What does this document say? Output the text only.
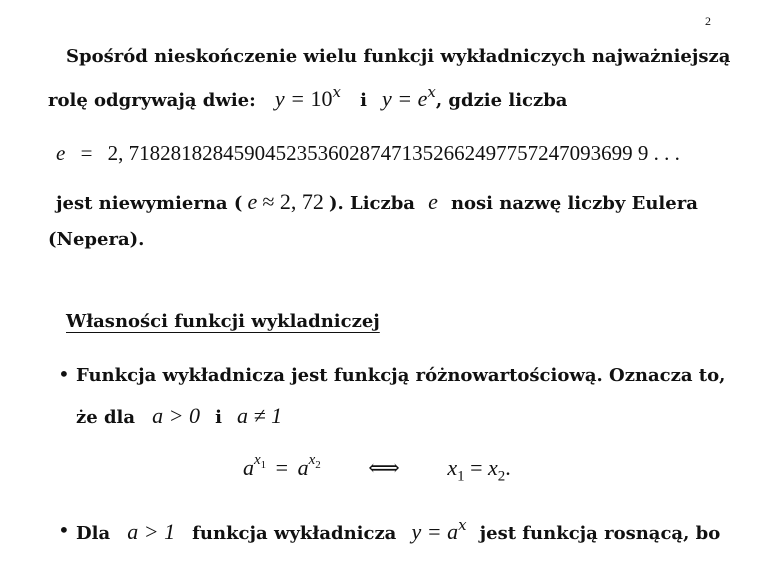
2
Spośród nieskończenie wielu funkcji wykładniczych najważniejszą
rolę odgrywają dwie: $y = 10^x$ i $y = e^x$, gdzie liczba
e = 2, 718281828459045235360287471352662497757247093699 9 . . .
jest niewymierna ( e ≈ 2, 72 ). Liczba e nosi nazwę liczby Eulera
(Nepera).
Własności funkcji wykladniczej
• Funkcja wykładnicza jest funkcją różnowartościową. Oznacza to,
że dla a > 0 i a ≠ 1
$a^{x_1} = a^{x_2}$ ⟺ $x_1 = x_2$.
• Dla a > 1 funkcja wykładnicza $y = a^x$ jest funkcją rosnącą, bo
